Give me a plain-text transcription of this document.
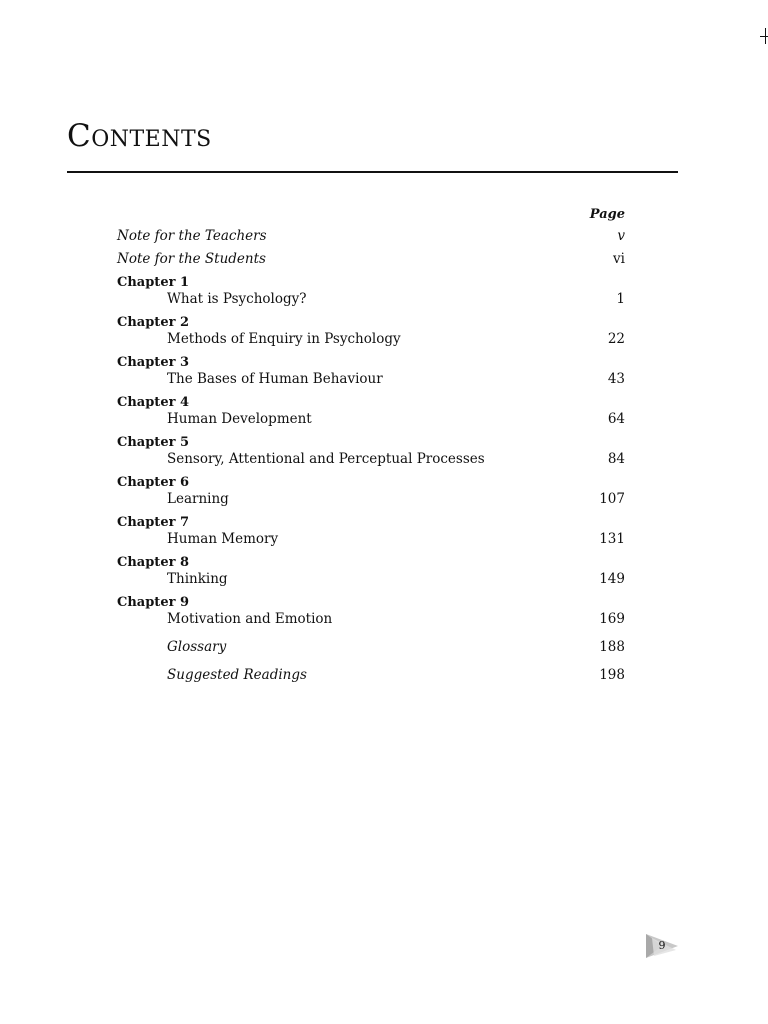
Contents
Page
Note for the Teachers	v
Note for the Students	vi
Chapter 1
What is Psychology?	1
Chapter 2
Methods of Enquiry in Psychology	22
Chapter 3
The Bases of Human Behaviour	43
Chapter 4
Human Development	64
Chapter 5
Sensory, Attentional and Perceptual Processes	84
Chapter 6
Learning	107
Chapter 7
Human Memory	131
Chapter 8
Thinking	149
Chapter 9
Motivation and Emotion	169
Glossary	188
Suggested Readings	198
9
